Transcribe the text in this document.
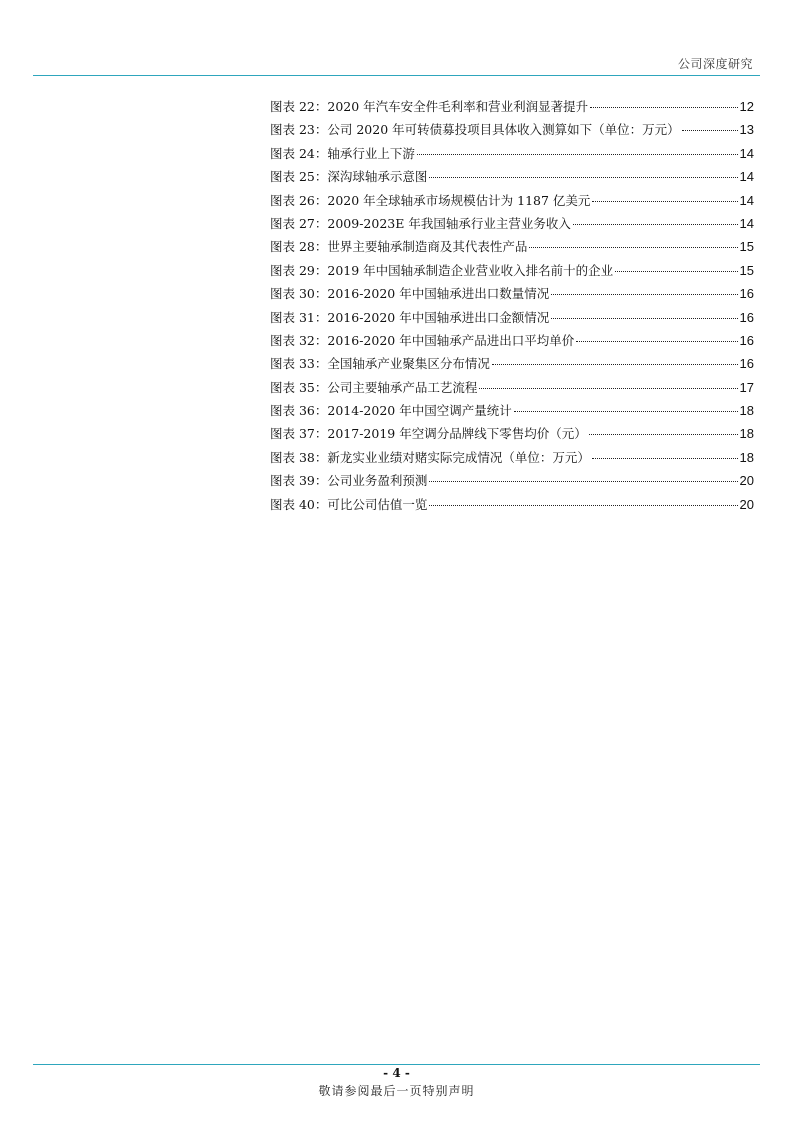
公司深度研究
图表 22：2020 年汽车安全件毛利率和营业利润显著提升	12
图表 23：公司 2020 年可转债募投项目具体收入测算如下（单位：万元）	13
图表 24：轴承行业上下游	14
图表 25：深沟球轴承示意图	14
图表 26：2020 年全球轴承市场规模估计为 1187 亿美元	14
图表 27：2009-2023E 年我国轴承行业主营业务收入	14
图表 28：世界主要轴承制造商及其代表性产品	15
图表 29：2019 年中国轴承制造企业营业收入排名前十的企业	15
图表 30：2016-2020 年中国轴承进出口数量情况	16
图表 31：2016-2020 年中国轴承进出口金额情况	16
图表 32：2016-2020 年中国轴承产品进出口平均单价	16
图表 33：全国轴承产业聚集区分布情况	16
图表 35：公司主要轴承产品工艺流程	17
图表 36：2014-2020 年中国空调产量统计	18
图表 37：2017-2019 年空调分品牌线下零售均价（元）	18
图表 38：新龙实业业绩对赌实际完成情况（单位：万元）	18
图表 39：公司业务盈利预测	20
图表 40：可比公司估值一览	20
- 4 -
敬请参阅最后一页特别声明
